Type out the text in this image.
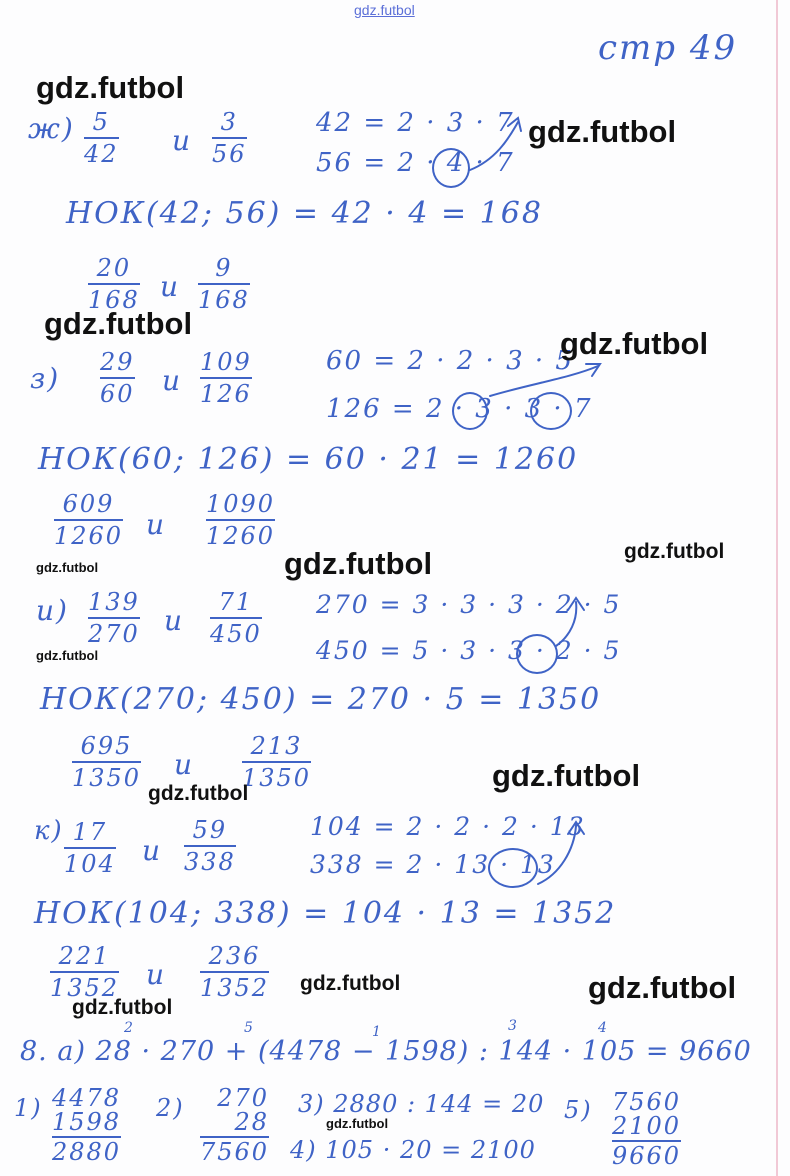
gdz.futbol
стр 49
ж) 5
42 и
3
56
42 = 2 · 3 · 7
56 = 2 · 4 · 7
НОК(42; 56) = 42 · 4 = 168
20
168 и
9
168
з) 29
60 и
109
126
60 = 2 · 2 · 3 · 5
126 = 2 · 3 · 3 · 7
НОК(60; 126) = 60 · 21 = 1260
609
1260 и
1090
1260
и) 139
270 и
71
450
270 = 3 · 3 · 3 · 2 · 5
450 = 5 · 3 · 3 · 2 · 5
НОК(270; 450) = 270 · 5 = 1350
695
1350 и
213
1350
к) 17
104 и
59
338
104 = 2 · 2 · 2 · 13
338 = 2 · 13 · 13
НОК(104; 338) = 104 · 13 = 1352
221
1352 и
236
1352
2	5	1	3	4
8. а) 28 · 270 + (4478 − 1598) : 144 · 105 = 9660
1) 4478
1598
2880
2) 270
28
7560
3) 2880 : 144 = 20
4) 105 · 20 = 2100
5) 7560
2100
9660
gdz.futbol
gdz.futbol
gdz.futbol
gdz.futbol
gdz.futbol	gdz.futbol	gdz.futbol
gdz.futbol
gdz.futbol
gdz.futbol
gdz.futbol	gdz.futbol
gdz.futbol
gdz.futbol
